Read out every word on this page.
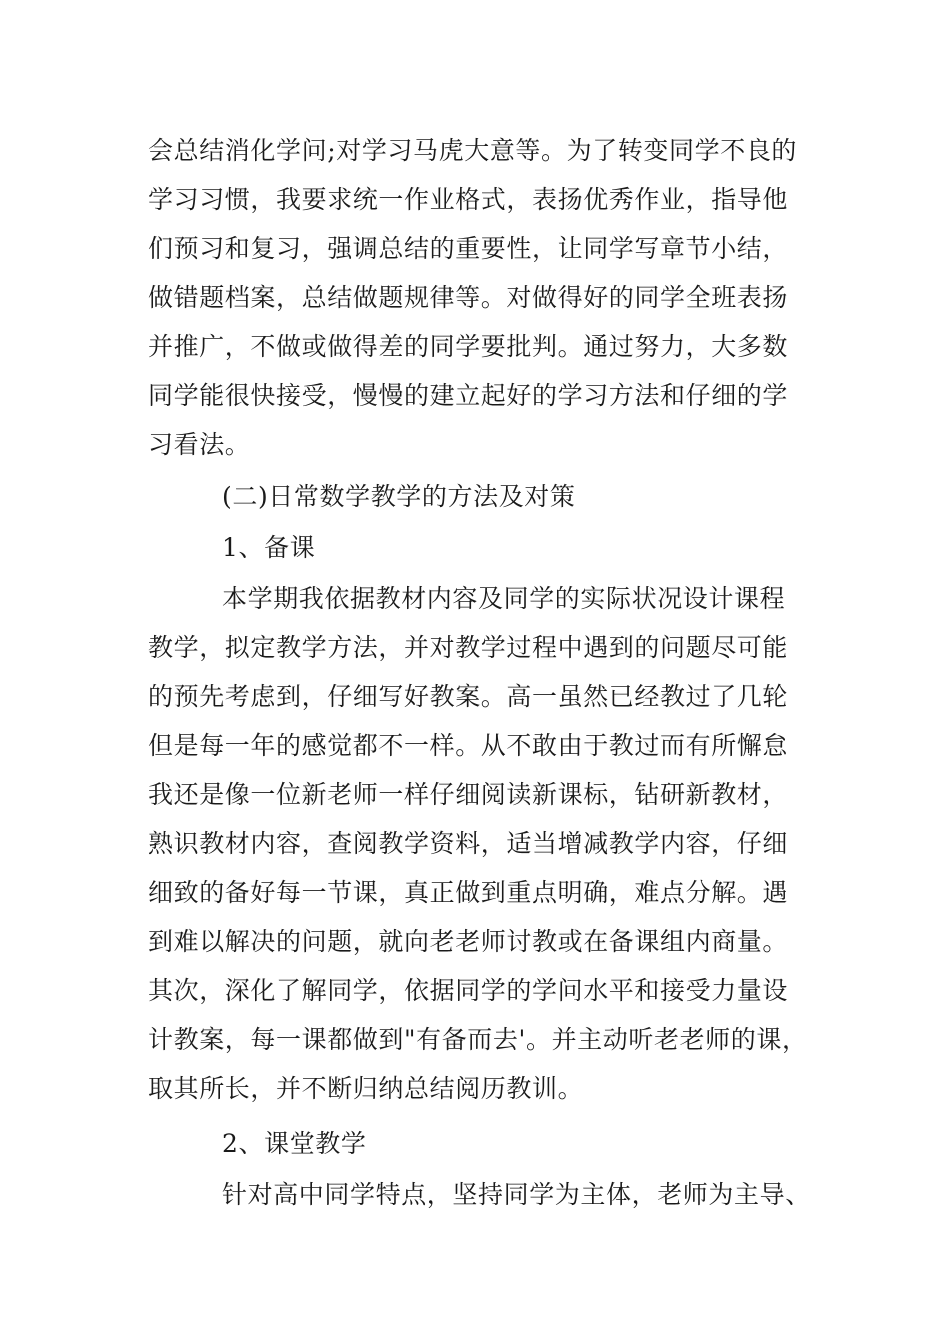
会总结消化学问;对学习马虎大意等。为了转变同学不良的
学习习惯，我要求统一作业格式，表扬优秀作业，指导他
们预习和复习，强调总结的重要性，让同学写章节小结，
做错题档案，总结做题规律等。对做得好的同学全班表扬
并推广，不做或做得差的同学要批判。通过努力，大多数
同学能很快接受，慢慢的建立起好的学习方法和仔细的学
习看法。
(二)日常数学教学的方法及对策
1、备课
本学期我依据教材内容及同学的实际状况设计课程
教学，拟定教学方法，并对教学过程中遇到的问题尽可能
的预先考虑到，仔细写好教案。高一虽然已经教过了几轮
但是每一年的感觉都不一样。从不敢由于教过而有所懈怠
我还是像一位新老师一样仔细阅读新课标，钻研新教材，
熟识教材内容，查阅教学资料，适当增减教学内容，仔细
细致的备好每一节课，真正做到重点明确，难点分解。遇
到难以解决的问题，就向老老师讨教或在备课组内商量。
其次，深化了解同学，依据同学的学问水平和接受力量设
计教案，每一课都做到"有备而去'。并主动听老老师的课，
取其所长，并不断归纳总结阅历教训。
2、课堂教学
针对高中同学特点，坚持同学为主体，老师为主导、
